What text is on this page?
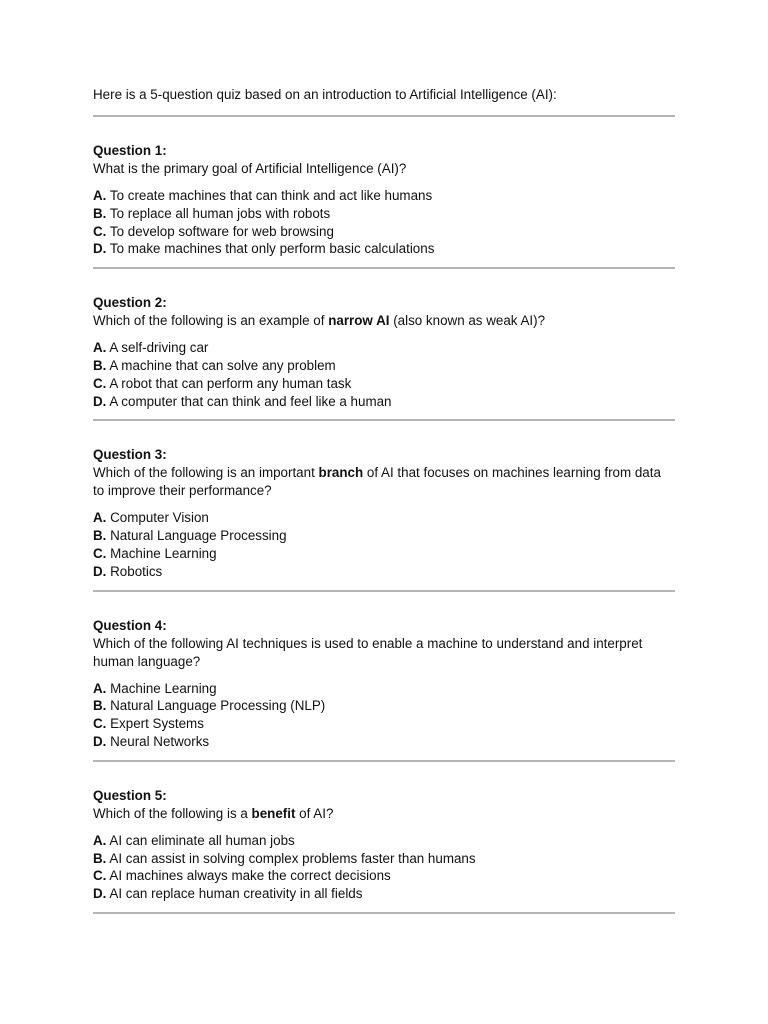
Here is a 5-question quiz based on an introduction to Artificial Intelligence (AI):

Question 1:

What is the primary goal of Artificial Intelligence (AI)?

A. To create machines that can think and act like humans
B. To replace all human jobs with robots
C. To develop software for web browsing
D. To make machines that only perform basic calculations

Question 2:

Which of the following is an example of narrow AI (also known as weak AI)?

A. A self-driving car
B. A machine that can solve any problem
C. A robot that can perform any human task
D. A computer that can think and feel like a human

Question 3:

Which of the following is an important branch of AI that focuses on machines learning from data to improve their performance?

A. Computer Vision
B. Natural Language Processing
C. Machine Learning
D. Robotics

Question 4:

Which of the following AI techniques is used to enable a machine to understand and interpret human language?

A. Machine Learning
B. Natural Language Processing (NLP)
C. Expert Systems
D. Neural Networks

Question 5:

Which of the following is a benefit of AI?

A. AI can eliminate all human jobs
B. AI can assist in solving complex problems faster than humans
C. AI machines always make the correct decisions
D. AI can replace human creativity in all fields
